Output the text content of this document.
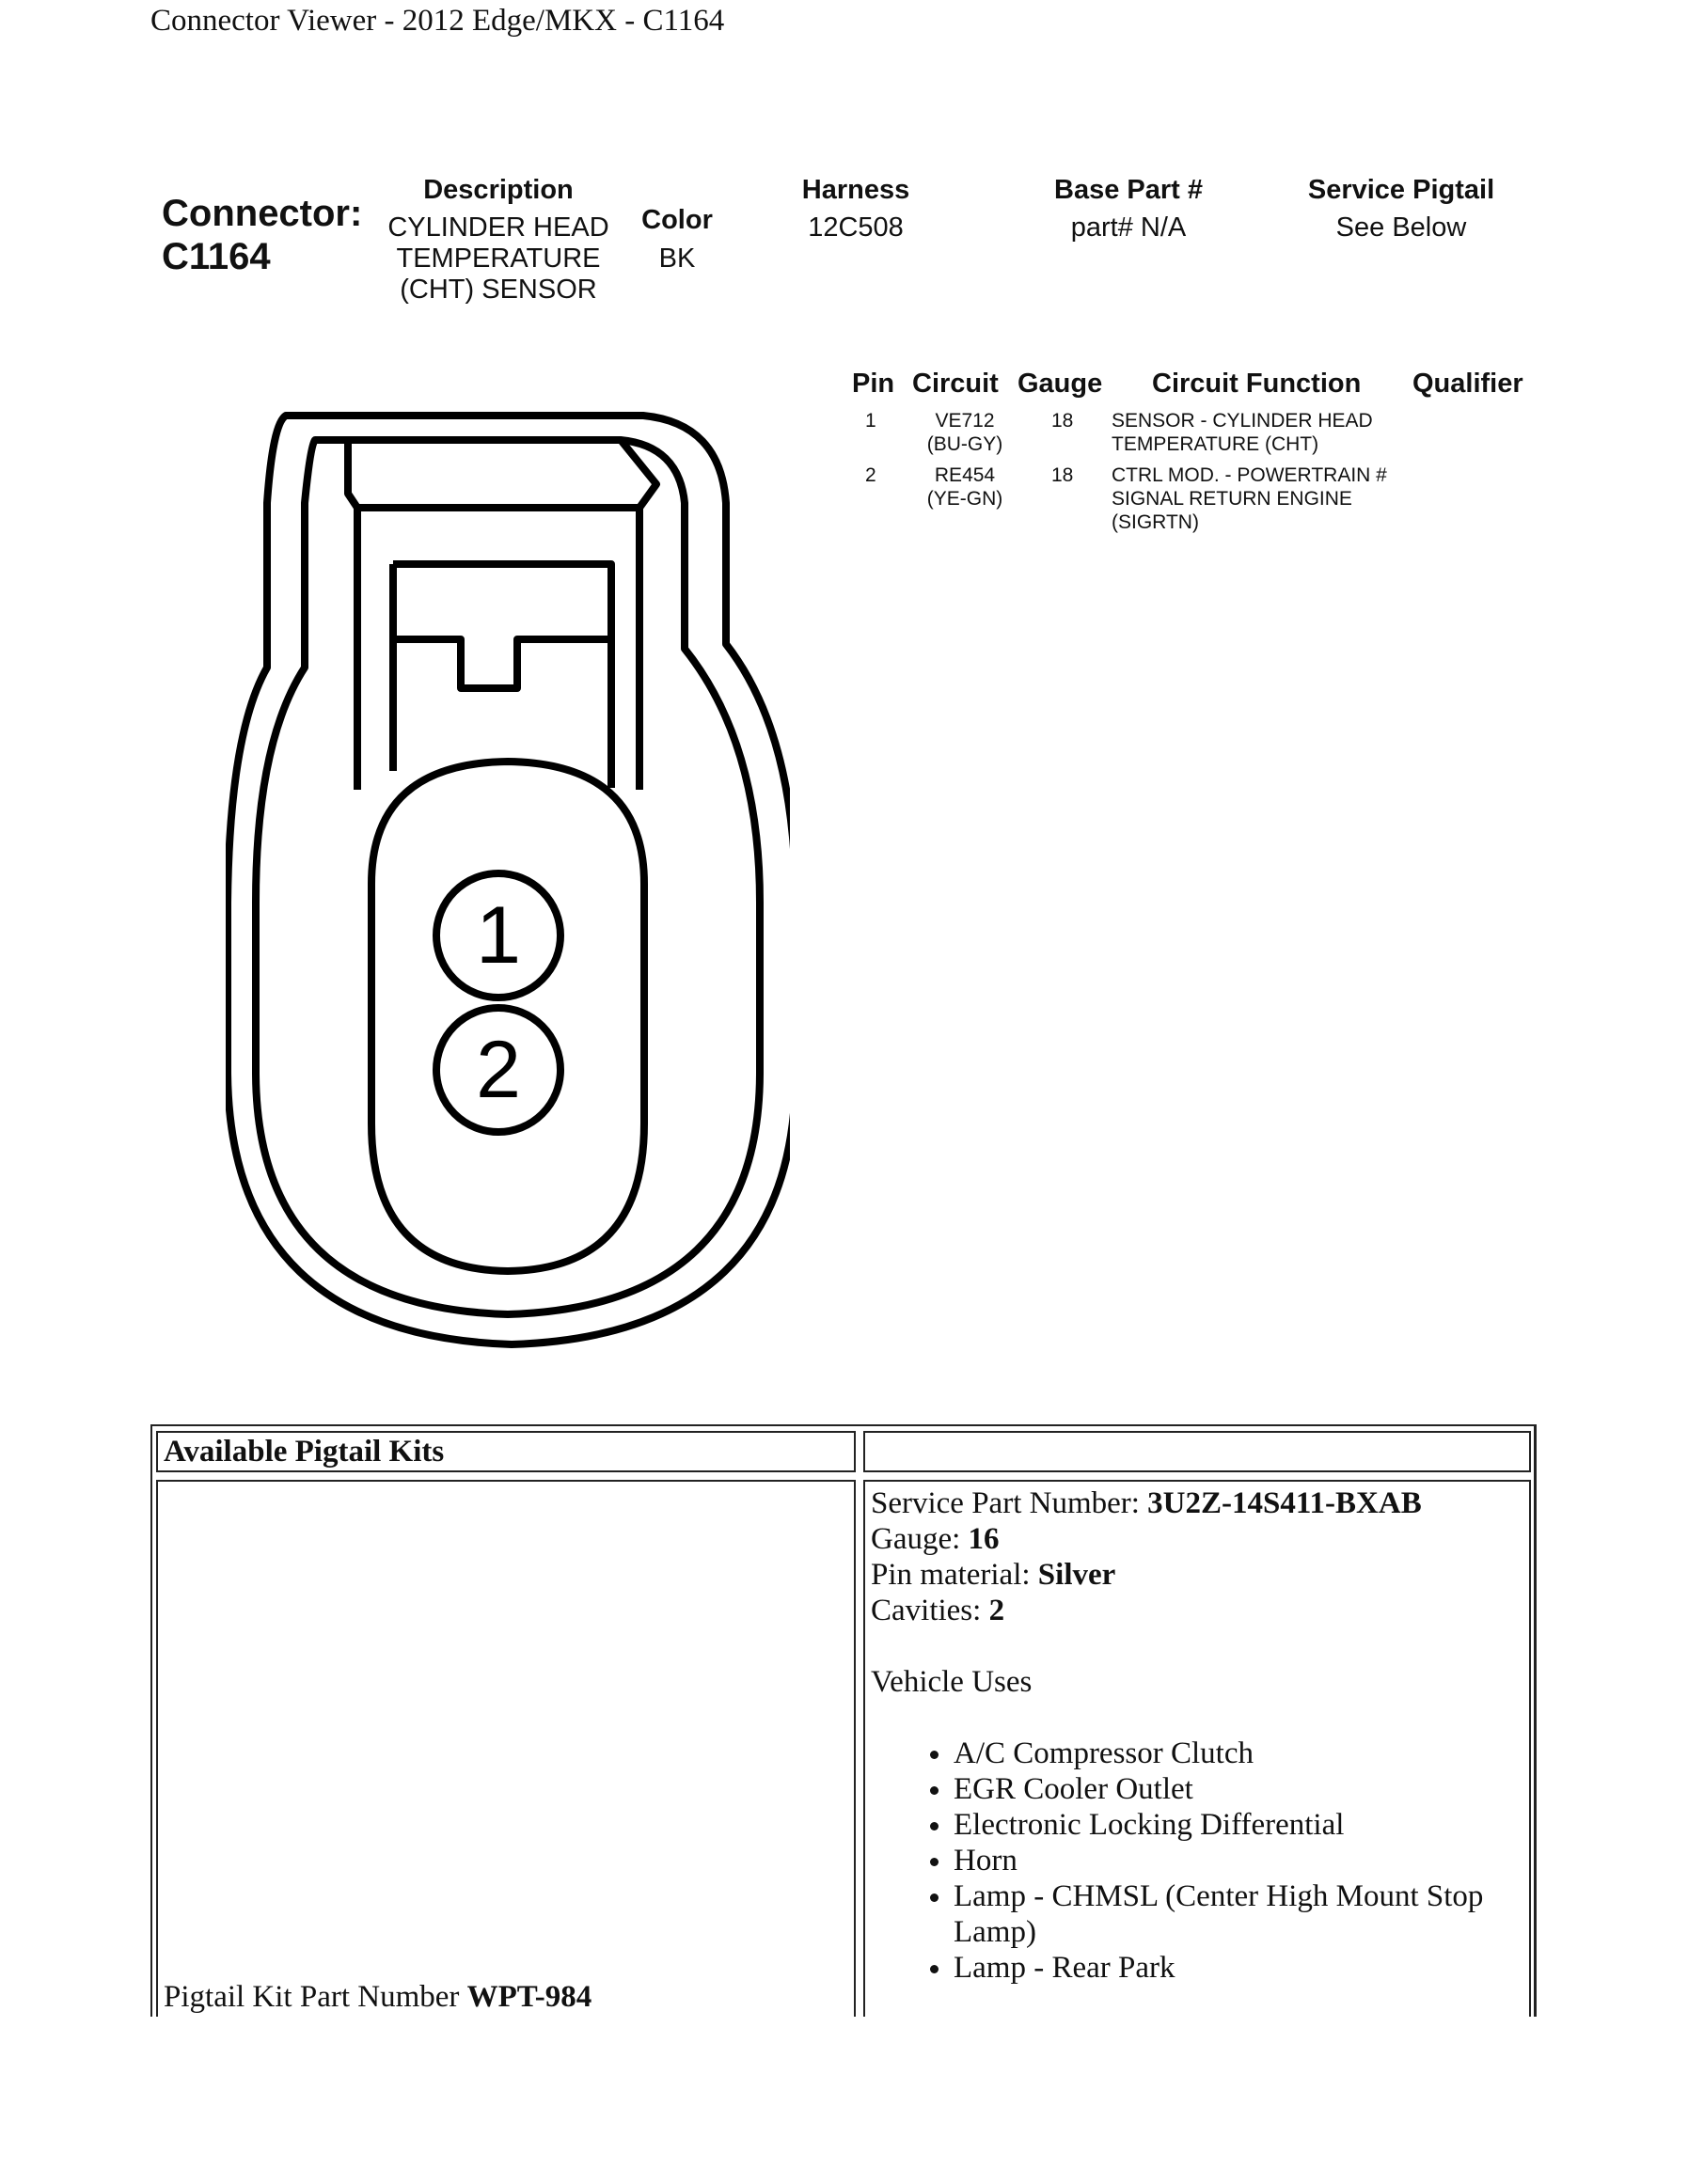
Connector Viewer - 2012 Edge/MKX - C1164
Connector:
C1164
Description
CYLINDER HEAD
TEMPERATURE
(CHT) SENSOR
Color
BK
Harness
12C508
Base Part #
part# N/A
Service Pigtail
See Below
Pin Circuit Gauge Circuit Function Qualifier
1	VE712
(BU-GY)
18 SENSOR - CYLINDER HEAD
TEMPERATURE (CHT)
2	RE454
(YE-GN)
18 CTRL MOD. - POWERTRAIN #
SIGNAL RETURN ENGINE
(SIGRTN)
1
2
Available Pigtail Kits
Pigtail Kit Part Number WPT-984
Service Part Number: 3U2Z-14S411-BXAB
Gauge: 16
Pin material: Silver
Cavities: 2
Vehicle Uses
• A/C Compressor Clutch
• EGR Cooler Outlet
• Electronic Locking Differential
• Horn
• Lamp - CHMSL (Center High Mount Stop Lamp)
• Lamp - Rear Park
